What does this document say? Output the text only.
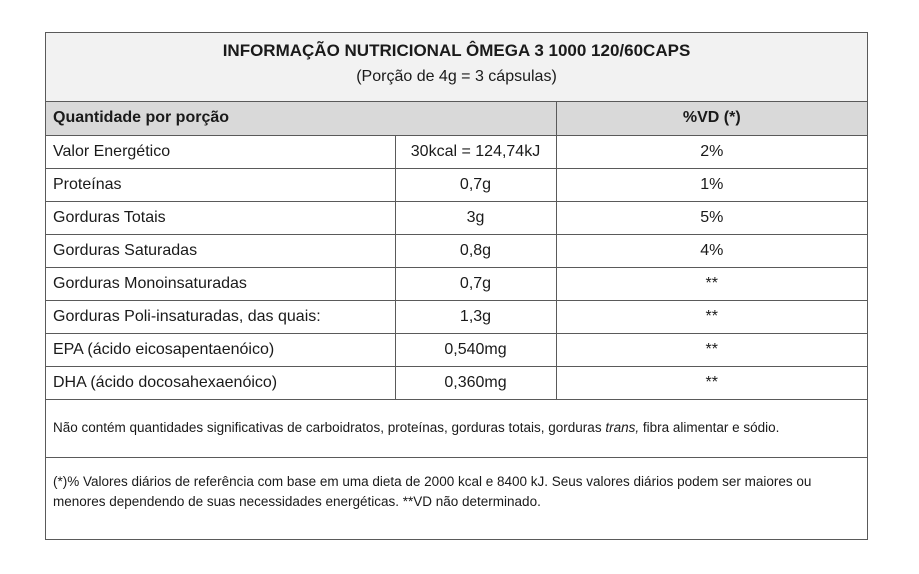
INFORMAÇÃO NUTRICIONAL ÔMEGA 3 1000 120/60CAPS
(Porção de 4g = 3 cápsulas)
Quantidade por porção		%VD (*)
Valor Energético	30kcal = 124,74kJ	2%
Proteínas	0,7g	1%
Gorduras Totais	3g	5%
Gorduras Saturadas	0,8g	4%
Gorduras Monoinsaturadas	0,7g	**
Gorduras Poli-insaturadas, das quais:	1,3g	**
EPA (ácido eicosapentaenóico)	0,540mg	**
DHA (ácido docosahexaenóico)	0,360mg	**
Não contém quantidades significativas de carboidratos, proteínas, gorduras totais, gorduras trans, fibra alimentar e sódio.
(*)% Valores diários de referência com base em uma dieta de 2000 kcal e 8400 kJ. Seus valores diários podem ser maiores ou menores dependendo de suas necessidades energéticas. **VD não determinado.
